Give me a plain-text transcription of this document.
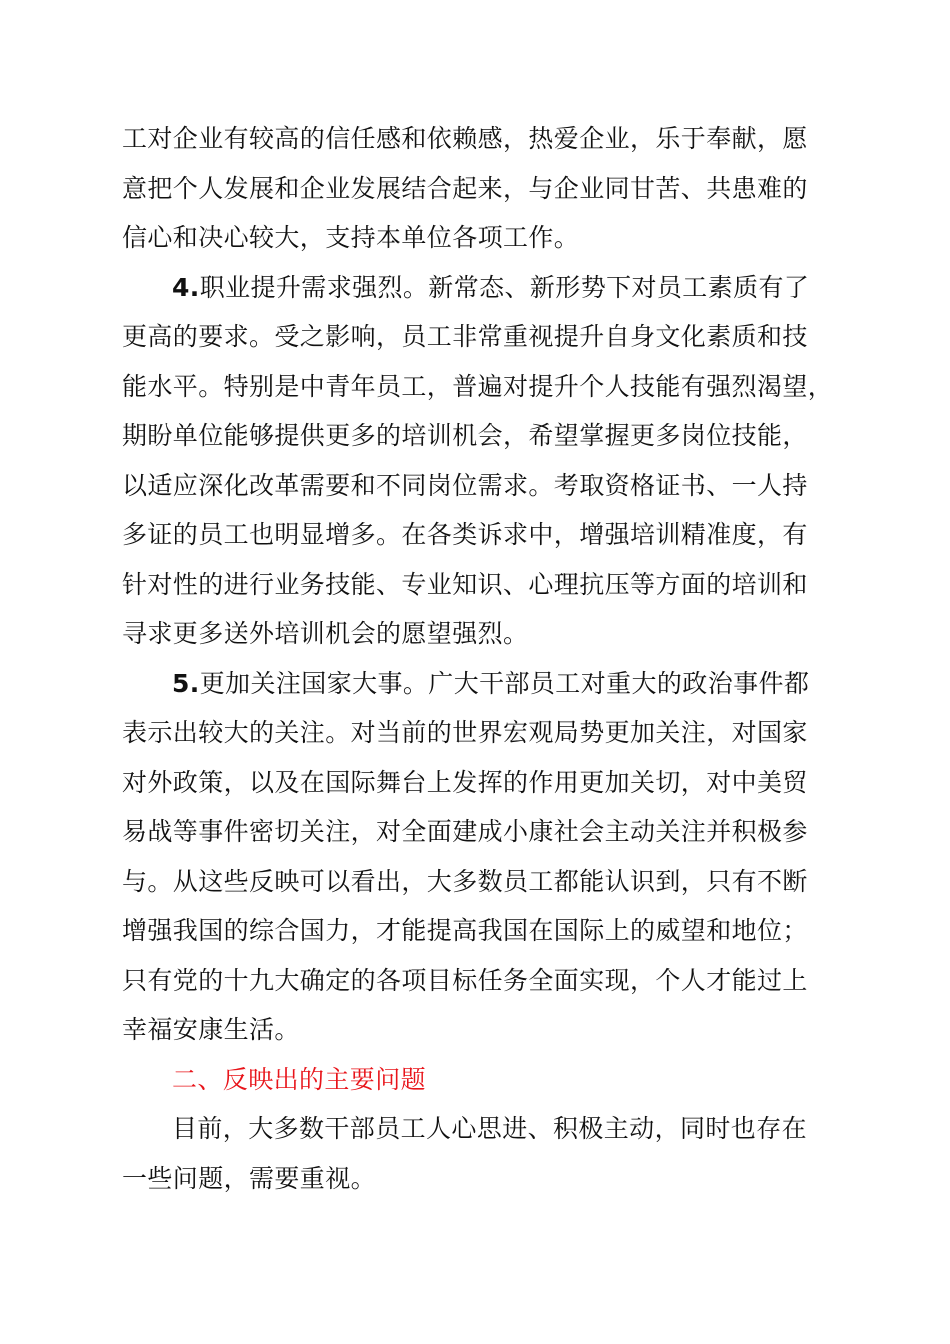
工对企业有较高的信任感和依赖感，热爱企业，乐于奉献，愿
意把个人发展和企业发展结合起来，与企业同甘苦、共患难的
信心和决心较大，支持本单位各项工作。
4.职业提升需求强烈。新常态、新形势下对员工素质有了
更高的要求。受之影响，员工非常重视提升自身文化素质和技
能水平。特别是中青年员工，普遍对提升个人技能有强烈渴望，
期盼单位能够提供更多的培训机会，希望掌握更多岗位技能，
以适应深化改革需要和不同岗位需求。考取资格证书、一人持
多证的员工也明显增多。在各类诉求中，增强培训精准度，有
针对性的进行业务技能、专业知识、心理抗压等方面的培训和
寻求更多送外培训机会的愿望强烈。
5.更加关注国家大事。广大干部员工对重大的政治事件都
表示出较大的关注。对当前的世界宏观局势更加关注，对国家
对外政策，以及在国际舞台上发挥的作用更加关切，对中美贸
易战等事件密切关注，对全面建成小康社会主动关注并积极参
与。从这些反映可以看出，大多数员工都能认识到，只有不断
增强我国的综合国力，才能提高我国在国际上的威望和地位；
只有党的十九大确定的各项目标任务全面实现，个人才能过上
幸福安康生活。
二、反映出的主要问题
目前，大多数干部员工人心思进、积极主动，同时也存在
一些问题，需要重视。
